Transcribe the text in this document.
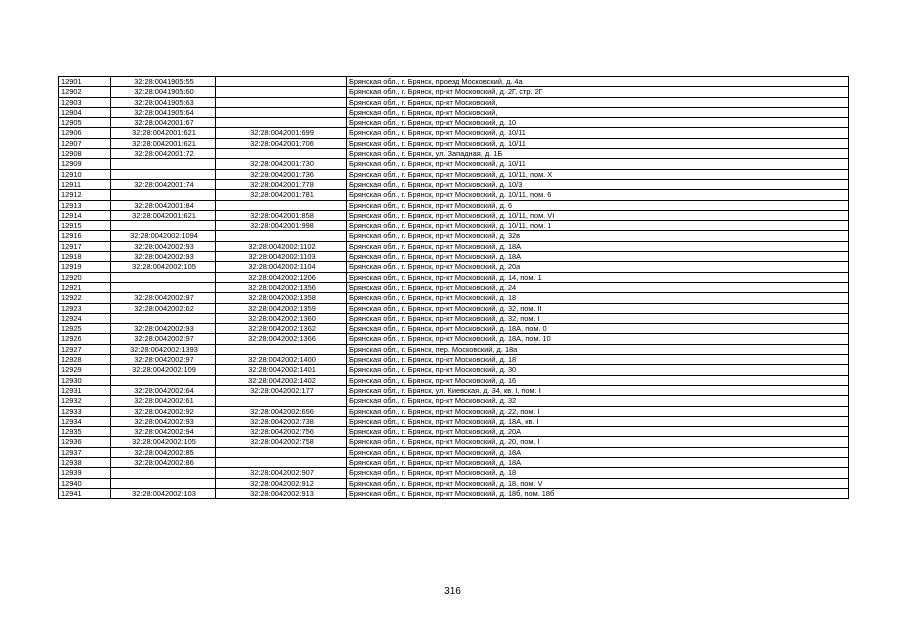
12901	32:28:0041905:55		Брянская обл., г. Брянск, проезд Московский, д. 4а
12902	32:28:0041905:60		Брянская обл., г. Брянск, пр-кт Московский, д. 2Г, стр. 2Г
12903	32:28:0041905:63		Брянская обл., г. Брянск, пр-кт Московский,
12904	32:28:0041905:64		Брянская обл., г. Брянск, пр-кт Московский,
12905	32:28:0042001:67		Брянская обл., г. Брянск, пр-кт Московский, д. 10
12906	32:28:0042001:621	32:28:0042001:699	Брянская обл., г. Брянск, пр-кт Московский, д. 10/11
12907	32:28:0042001:621	32:28:0042001:706	Брянская обл., г. Брянск, пр-кт Московский, д. 10/11
12908	32:28:0042001:72		Брянская обл., г. Брянск, ул. Западная, д. 1Б
12909		32:28:0042001:730	Брянская обл., г. Брянск, пр-кт Московский, д. 10/11
12910		32:28:0042001:736	Брянская обл., г. Брянск, пр-кт Московский, д. 10/11, пом. X
12911	32:28:0042001:74	32:28:0042001:778	Брянская обл., г. Брянск, пр-кт Московский, д. 10/3
12912		32:28:0042001:781	Брянская обл., г. Брянск, пр-кт Московский, д. 10/11, пом. 6
12913	32:28:0042001:84		Брянская обл., г. Брянск, пр-кт Московский, д. 6
12914	32:28:0042001:621	32:28:0042001:858	Брянская обл., г. Брянск, пр-кт Московский, д. 10/11, пом. VI
12915		32:28:0042001:998	Брянская обл., г. Брянск, пр-кт Московский, д. 10/11, пом. 1
12916	32:28:0042002:1094		Брянская обл., г. Брянск, пр-кт Московский, д. 32в
12917	32:28:0042002:93	32:28:0042002:1102	Брянская обл., г. Брянск, пр-кт Московский, д. 18А
12918	32:28:0042002:93	32:28:0042002:1103	Брянская обл., г. Брянск, пр-кт Московский, д. 18А
12919	32:28:0042002:105	32:28:0042002:1104	Брянская обл., г. Брянск, пр-кт Московский, д. 20а
12920		32:28:0042002:1206	Брянская обл., г. Брянск, пр-кт Московский, д. 14, пом. 1
12921		32:28:0042002:1356	Брянская обл., г. Брянск, пр-кт Московский, д. 24
12922	32:28:0042002:97	32:28:0042002:1358	Брянская обл., г. Брянск, пр-кт Московский, д. 18
12923	32:28:0042002:62	32:28:0042002:1359	Брянская обл., г. Брянск, пр-кт Московский, д. 32, пом. II
12924		32:28:0042002:1360	Брянская обл., г. Брянск, пр-кт Московский, д. 32, пом. I
12925	32:28:0042002:93	32:28:0042002:1362	Брянская обл., г. Брянск, пр-кт Московский, д. 18А, пом. 0
12926	32:28:0042002:97	32:28:0042002:1366	Брянская обл., г. Брянск, пр-кт Московский, д. 18А, пом. 10
12927	32:28:0042002:1393		Брянская обл., г. Брянск, пер. Московский, д. 18а
12928	32:28:0042002:97	32:28:0042002:1400	Брянская обл., г. Брянск, пр-кт Московский, д. 18
12929	32:28:0042002:109	32:28:0042002:1401	Брянская обл., г. Брянск, пр-кт Московский, д. 30
12930		32:28:0042002:1402	Брянская обл., г. Брянск, пр-кт Московский, д. 16
12931	32:28:0042002:64	32:28:0042002:177	Брянская обл., г. Брянск, ул. Киевская, д. 34, кв. I, пом. I
12932	32:28:0042002:61		Брянская обл., г. Брянск, пр-кт Московский, д. 32
12933	32:28:0042002:92	32:28:0042002:656	Брянская обл., г. Брянск, пр-кт Московский, д. 22, пом. I
12934	32:28:0042002:93	32:28:0042002:738	Брянская обл., г. Брянск, пр-кт Московский, д. 18А, кв. I
12935	32:28:0042002:94	32:28:0042002:756	Брянская обл., г. Брянск, пр-кт Московский, д. 20А
12936	32:28:0042002:105	32:28:0042002:758	Брянская обл., г. Брянск, пр-кт Московский, д. 20, пом. I
12937	32:28:0042002:85		Брянская обл., г. Брянск, пр-кт Московский, д. 18А
12938	32:28:0042002:86		Брянская обл., г. Брянск, пр-кт Московский, д. 18А
12939		32:28:0042002:907	Брянская обл., г. Брянск, пр-кт Московский, д. 18
12940		32:28:0042002:912	Брянская обл., г. Брянск, пр-кт Московский, д. 18, пом. V
12941	32:28:0042002:103	32:28:0042002:913	Брянская обл., г. Брянск, пр-кт Московский, д. 18б, пом. 18б
316
